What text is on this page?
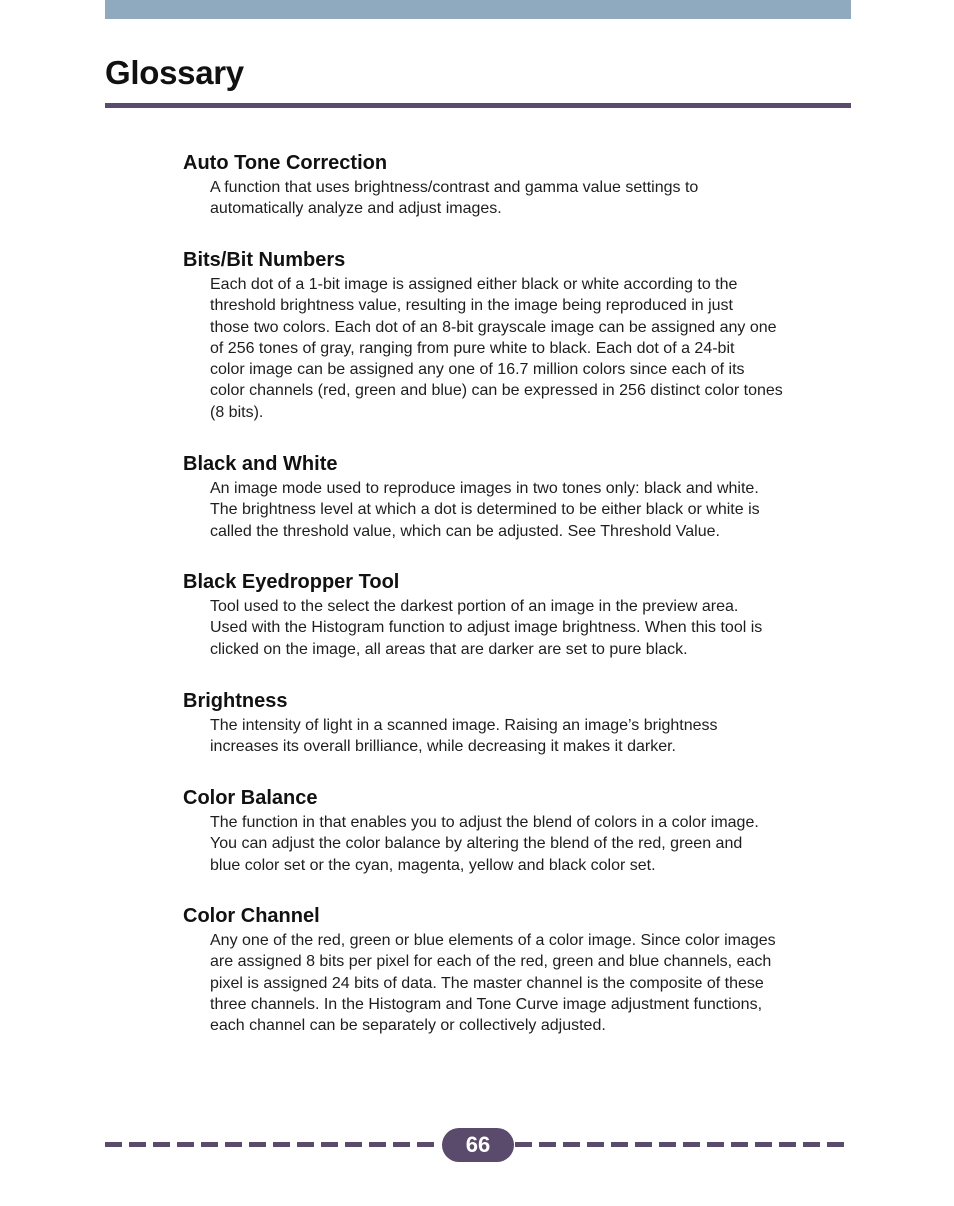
Glossary
Auto Tone Correction
A function that uses brightness/contrast and gamma value settings to
automatically analyze and adjust images.
Bits/Bit Numbers
Each dot of a 1-bit image is assigned either black or white according to the
threshold brightness value, resulting in the image being reproduced in just
those two colors. Each dot of an 8-bit grayscale image can be assigned any one
of 256 tones of gray, ranging from pure white to black. Each dot of a 24-bit
color image can be assigned any one of 16.7 million colors since each of its
color channels (red, green and blue) can be expressed in 256 distinct color tones
(8 bits).
Black and White
An image mode used to reproduce images in two tones only: black and white.
The brightness level at which a dot is determined to be either black or white is
called the threshold value, which can be adjusted. See Threshold Value.
Black Eyedropper Tool
Tool used to the select the darkest portion of an image in the preview area.
Used with the Histogram function to adjust image brightness. When this tool is
clicked on the image, all areas that are darker are set to pure black.
Brightness
The intensity of light in a scanned image. Raising an image’s brightness
increases its overall brilliance, while decreasing it makes it darker.
Color Balance
The function in that enables you to adjust the blend of colors in a color image.
You can adjust the color balance by altering the blend of the red, green and
blue color set or the cyan, magenta, yellow and black color set.
Color Channel
Any one of the red, green or blue elements of a color image. Since color images
are assigned 8 bits per pixel for each of the red, green and blue channels, each
pixel is assigned 24 bits of data. The master channel is the composite of these
three channels. In the Histogram and Tone Curve image adjustment functions,
each channel can be separately or collectively adjusted.
66
